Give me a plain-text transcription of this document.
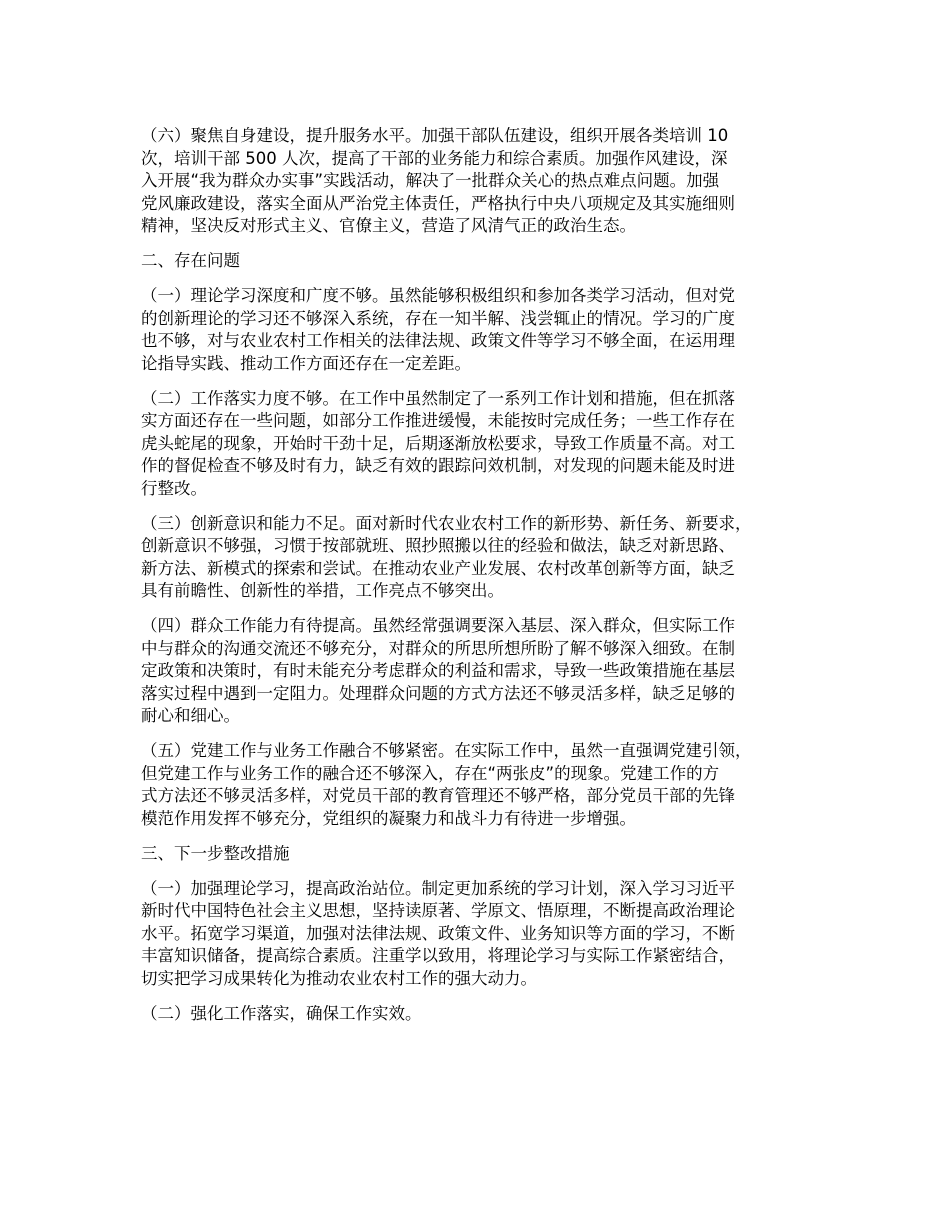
（六）聚焦自身建设，提升服务水平。加强干部队伍建设，组织开展各类培训 10
次，培训干部 500 人次，提高了干部的业务能力和综合素质。加强作风建设，深
入开展“我为群众办实事”实践活动，解决了一批群众关心的热点难点问题。加强
党风廉政建设，落实全面从严治党主体责任，严格执行中央八项规定及其实施细则
精神，坚决反对形式主义、官僚主义，营造了风清气正的政治生态。
二、存在问题
（一）理论学习深度和广度不够。虽然能够积极组织和参加各类学习活动，但对党
的创新理论的学习还不够深入系统，存在一知半解、浅尝辄止的情况。学习的广度
也不够，对与农业农村工作相关的法律法规、政策文件等学习不够全面，在运用理
论指导实践、推动工作方面还存在一定差距。
（二）工作落实力度不够。在工作中虽然制定了一系列工作计划和措施，但在抓落
实方面还存在一些问题，如部分工作推进缓慢，未能按时完成任务；一些工作存在
虎头蛇尾的现象，开始时干劲十足，后期逐渐放松要求，导致工作质量不高。对工
作的督促检查不够及时有力，缺乏有效的跟踪问效机制，对发现的问题未能及时进
行整改。
（三）创新意识和能力不足。面对新时代农业农村工作的新形势、新任务、新要求，
创新意识不够强，习惯于按部就班、照抄照搬以往的经验和做法，缺乏对新思路、
新方法、新模式的探索和尝试。在推动农业产业发展、农村改革创新等方面，缺乏
具有前瞻性、创新性的举措，工作亮点不够突出。
（四）群众工作能力有待提高。虽然经常强调要深入基层、深入群众，但实际工作
中与群众的沟通交流还不够充分，对群众的所思所想所盼了解不够深入细致。在制
定政策和决策时，有时未能充分考虑群众的利益和需求，导致一些政策措施在基层
落实过程中遇到一定阻力。处理群众问题的方式方法还不够灵活多样，缺乏足够的
耐心和细心。
（五）党建工作与业务工作融合不够紧密。在实际工作中，虽然一直强调党建引领，
但党建工作与业务工作的融合还不够深入，存在“两张皮”的现象。党建工作的方
式方法还不够灵活多样，对党员干部的教育管理还不够严格，部分党员干部的先锋
模范作用发挥不够充分，党组织的凝聚力和战斗力有待进一步增强。
三、下一步整改措施
（一）加强理论学习，提高政治站位。制定更加系统的学习计划，深入学习习近平
新时代中国特色社会主义思想，坚持读原著、学原文、悟原理，不断提高政治理论
水平。拓宽学习渠道，加强对法律法规、政策文件、业务知识等方面的学习，不断
丰富知识储备，提高综合素质。注重学以致用，将理论学习与实际工作紧密结合，
切实把学习成果转化为推动农业农村工作的强大动力。
（二）强化工作落实，确保工作实效。
